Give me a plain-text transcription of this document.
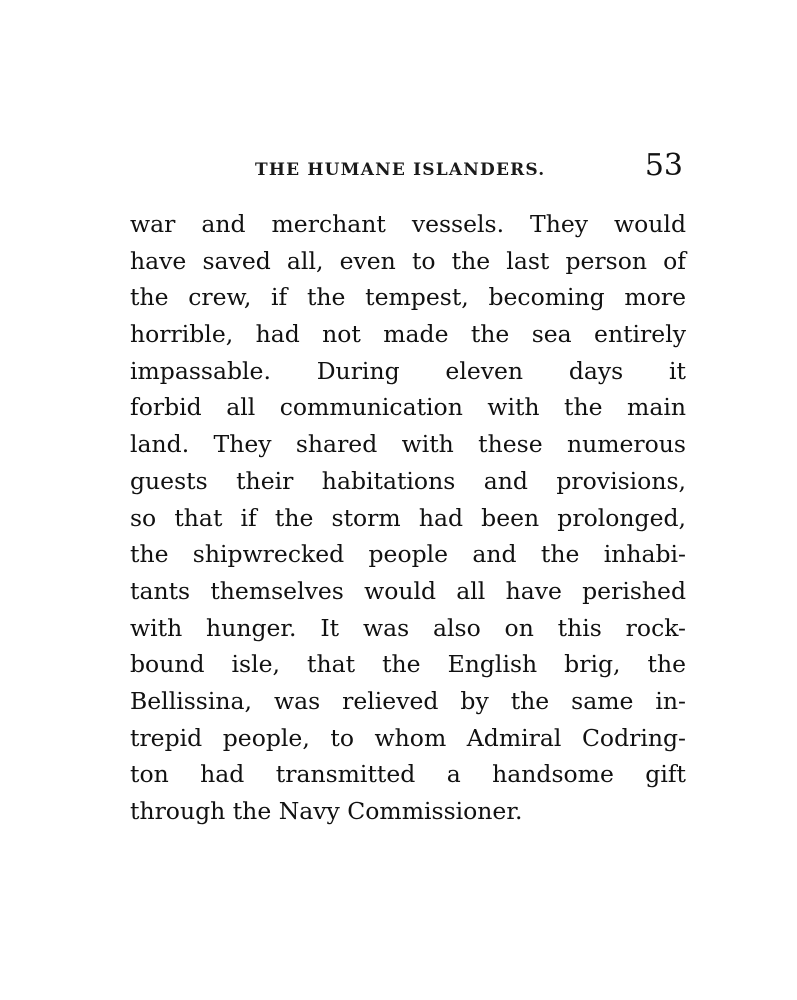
THE HUMANE ISLANDERS.	53
war and merchant vessels. They would
have saved all, even to the last person of
the crew, if the tempest, becoming more
horrible, had not made the sea entirely
impassable. During eleven days it
forbid all communication with the main
land. They shared with these numerous
guests their habitations and provisions,
so that if the storm had been prolonged,
the shipwrecked people and the inhabi-
tants themselves would all have perished
with hunger. It was also on this rock-
bound isle, that the English brig, the
Bellissina, was relieved by the same in-
trepid people, to whom Admiral Codring-
ton had transmitted a handsome gift
through the Navy Commissioner.
